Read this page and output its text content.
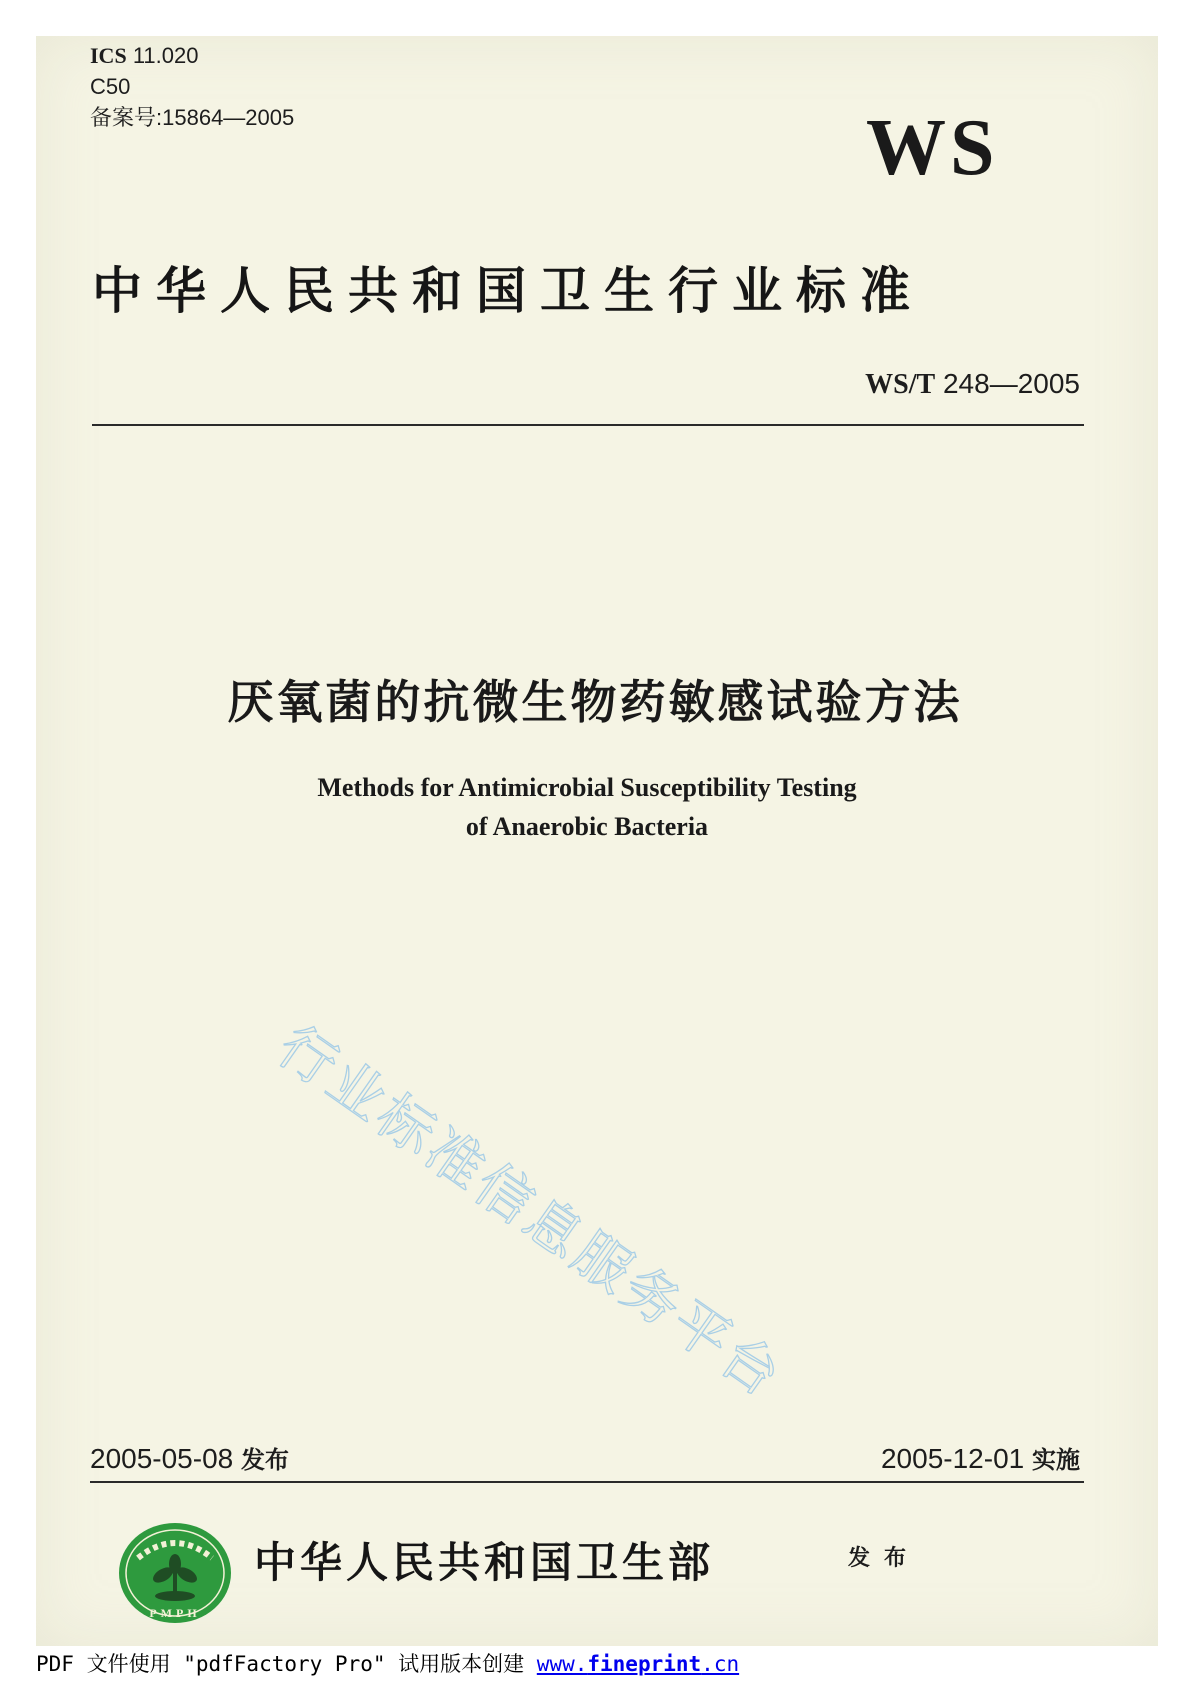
ICS 11.020
C50
备案号:15864—2005	WS
中华人民共和国卫生行业标准
WS/T 248—2005
厌氧菌的抗微生物药敏感试验方法
Methods for Antimicrobial Susceptibility Testing
of Anaerobic Bacteria
行业标准信息服务平台
2005-05-08 发布	2005-12-01 实施
PMPH
中华人民共和国卫生部	发布
PDF 文件使用 "pdfFactory Pro" 试用版本创建 www.fineprint.cn
